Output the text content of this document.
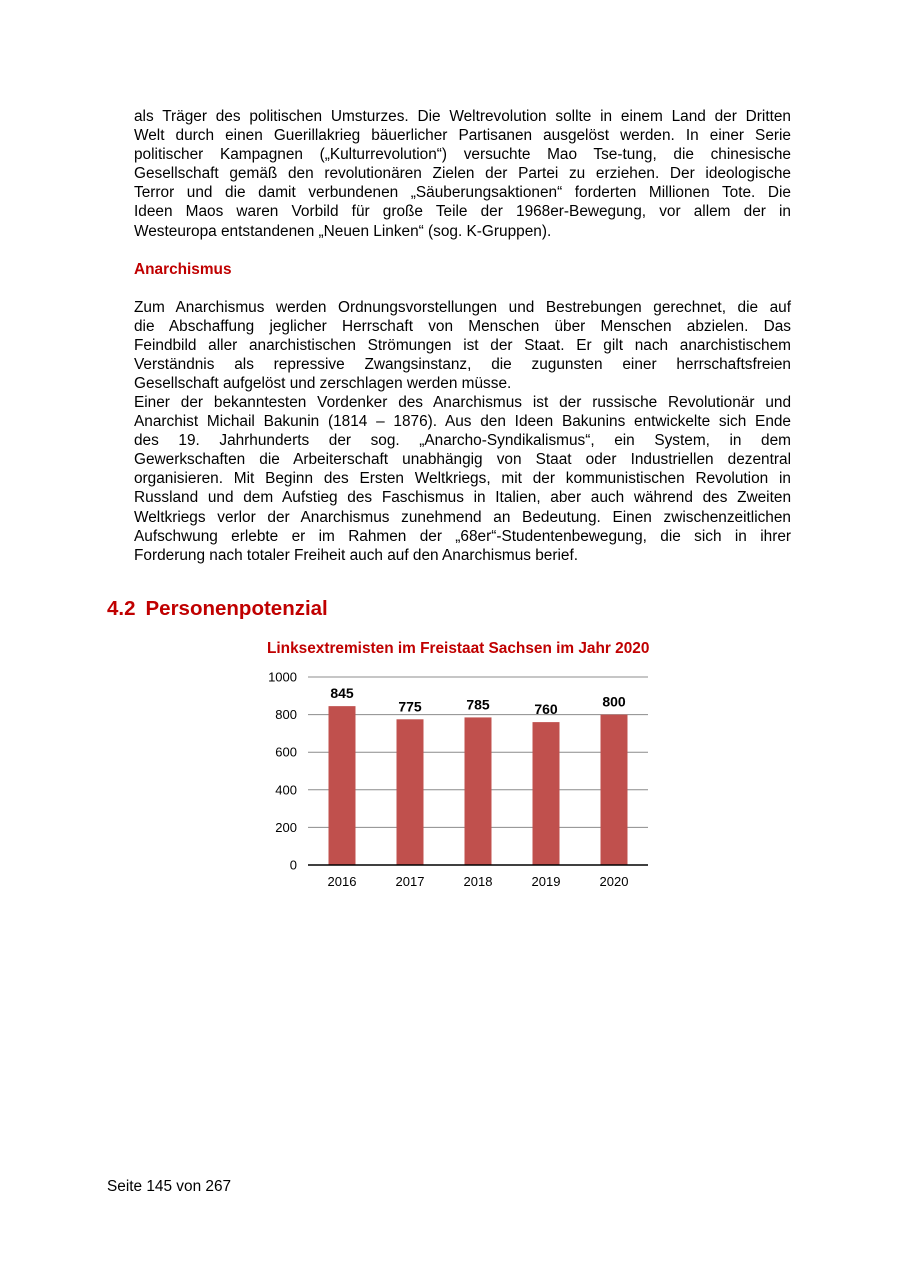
als Träger des politischen Umsturzes. Die Weltrevolution sollte in einem Land der Dritten
Welt durch einen Guerillakrieg bäuerlicher Partisanen ausgelöst werden. In einer Serie
politischer Kampagnen („Kulturrevolution“) versuchte Mao Tse-tung, die chinesische
Gesellschaft gemäß den revolutionären Zielen der Partei zu erziehen. Der ideologische
Terror und die damit verbundenen „Säuberungsaktionen“ forderten Millionen Tote. Die
Ideen Maos waren Vorbild für große Teile der 1968er-Bewegung, vor allem der in
Westeuropa entstandenen „Neuen Linken“ (sog. K-Gruppen).
Anarchismus
Zum Anarchismus werden Ordnungsvorstellungen und Bestrebungen gerechnet, die auf
die Abschaffung jeglicher Herrschaft von Menschen über Menschen abzielen. Das
Feindbild aller anarchistischen Strömungen ist der Staat. Er gilt nach anarchistischem
Verständnis als repressive Zwangsinstanz, die zugunsten einer herrschaftsfreien
Gesellschaft aufgelöst und zerschlagen werden müsse.
Einer der bekanntesten Vordenker des Anarchismus ist der russische Revolutionär und
Anarchist Michail Bakunin (1814 – 1876). Aus den Ideen Bakunins entwickelte sich Ende
des 19. Jahrhunderts der sog. „Anarcho-Syndikalismus“, ein System, in dem
Gewerkschaften die Arbeiterschaft unabhängig von Staat oder Industriellen dezentral
organisieren. Mit Beginn des Ersten Weltkriegs, mit der kommunistischen Revolution in
Russland und dem Aufstieg des Faschismus in Italien, aber auch während des Zweiten
Weltkriegs verlor der Anarchismus zunehmend an Bedeutung. Einen zwischenzeitlichen
Aufschwung erlebte er im Rahmen der „68er“-Studentenbewegung, die sich in ihrer
Forderung nach totaler Freiheit auch auf den Anarchismus berief.
4.2 Personenpotenzial
Linksextremisten im Freistaat Sachsen im Jahr 2020
0
200
400
600
800
1000
845
2016
775
2017
785
2018
760
2019
800
2020
Seite 145 von 267
